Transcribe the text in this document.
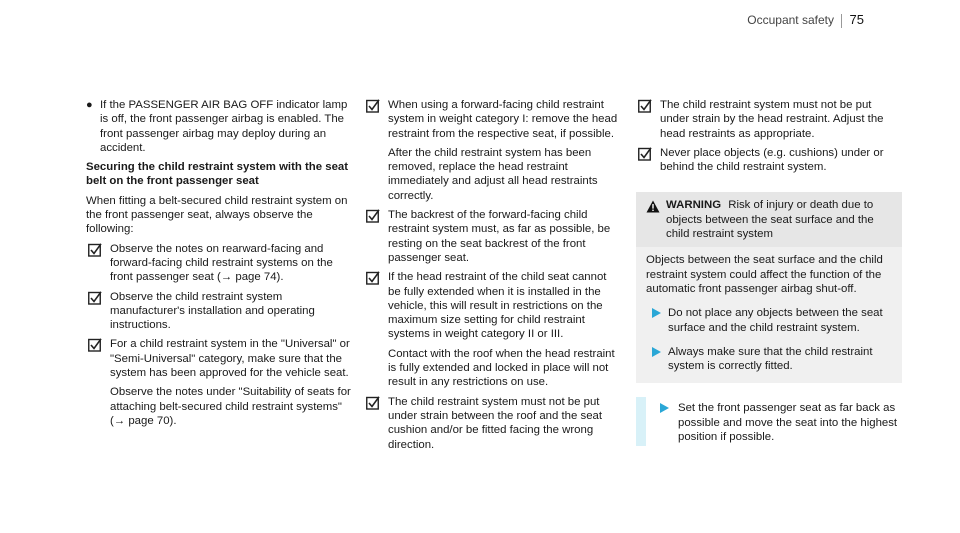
Occupant safety 75
● If the PASSENGER AIR BAG OFF indicator lamp is off, the front passenger airbag is enabled. The front passenger airbag may deploy during an accident.

Securing the child restraint system with the seat belt on the front passenger seat

When fitting a belt-secured child restraint system on the front passenger seat, always observe the following:

Observe the notes on rearward-facing and forward-facing child restraint systems on the front passenger seat (→ page 74).

Observe the child restraint system manufacturer's installation and operating instructions.

For a child restraint system in the "Universal" or "Semi-Universal" category, make sure that the system has been approved for the vehicle seat.

Observe the notes under "Suitability of seats for attaching belt-secured child restraint systems" (→ page 70).

When using a forward-facing child restraint system in weight category I: remove the head restraint from the respective seat, if possible.

After the child restraint system has been removed, replace the head restraint immediately and adjust all head restraints correctly.

The backrest of the forward-facing child restraint system must, as far as possible, be resting on the seat backrest of the front passenger seat.

If the head restraint of the child seat cannot be fully extended when it is installed in the vehicle, this will result in restrictions on the maximum size setting for child restraint systems in weight category II or III.

Contact with the roof when the head restraint is fully extended and locked in place will not result in any restrictions on use.

The child restraint system must not be put under strain between the roof and the seat cushion and/or be fitted facing the wrong direction.

The child restraint system must not be put under strain by the head restraint. Adjust the head restraints as appropriate.

Never place objects (e.g. cushions) under or behind the child restraint system.

WARNING Risk of injury or death due to objects between the seat surface and the child restraint system

Objects between the seat surface and the child restraint system could affect the function of the automatic front passenger airbag shut-off.

Do not place any objects between the seat surface and the child restraint system.

Always make sure that the child restraint system is correctly fitted.

Set the front passenger seat as far back as possible and move the seat into the highest position if possible.
